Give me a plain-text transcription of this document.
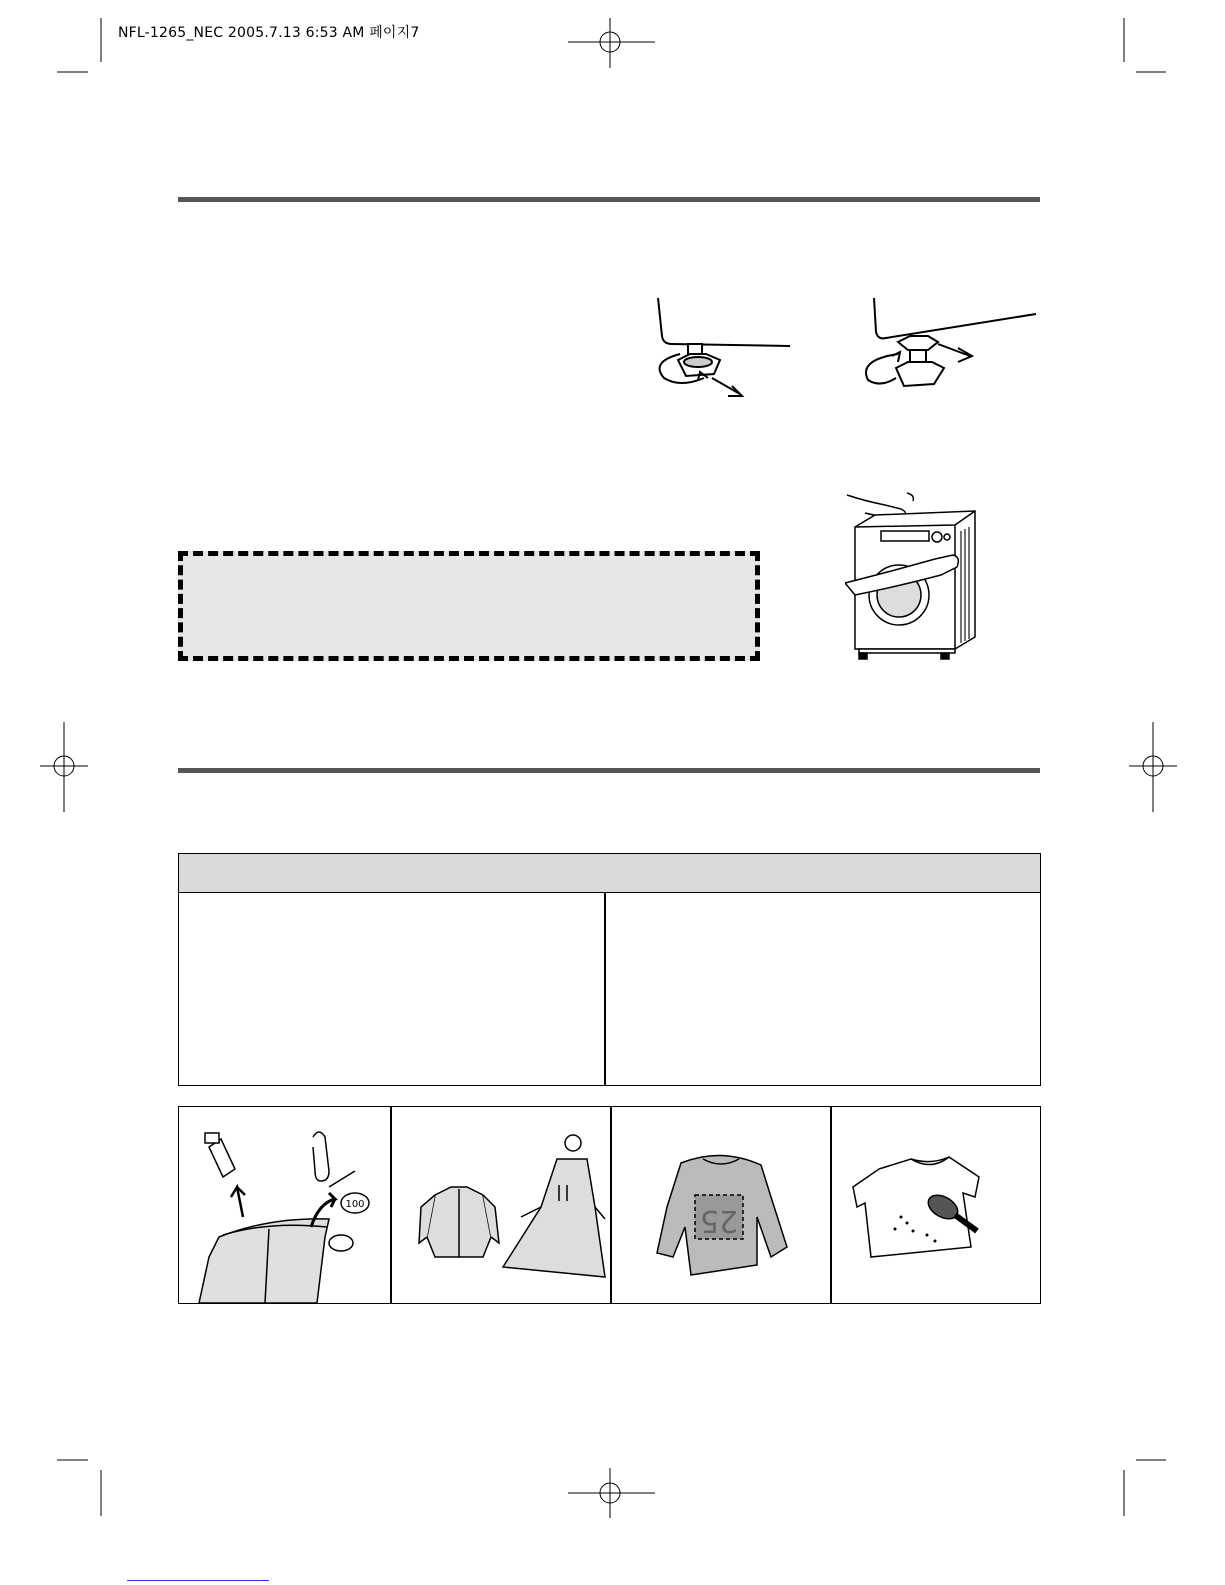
NFL-1265_NEC 2005.7.13 6:53 AM 페이지7
100	25
